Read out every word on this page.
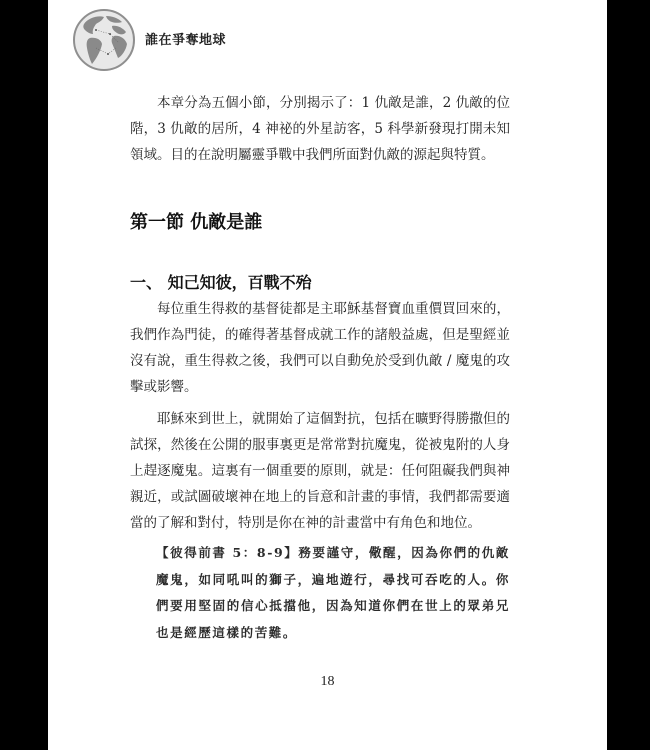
誰在爭奪地球

本章分為五個小節，分別揭示了：1 仇敵是誰，2 仇敵的位階，3 仇敵的居所，4 神祕的外星訪客，5 科學新發現打開未知領域。目的在說明屬靈爭戰中我們所面對仇敵的源起與特質。

第一節 仇敵是誰
一、 知己知彼，百戰不殆

每位重生得救的基督徒都是主耶穌基督寶血重價買回來的，我們作為門徒，的確得著基督成就工作的諸般益處，但是聖經並沒有說，重生得救之後，我們可以自動免於受到仇敵 / 魔鬼的攻擊或影響。

耶穌來到世上，就開始了這個對抗，包括在曠野得勝撒但的試探，然後在公開的服事裏更是常常對抗魔鬼，從被鬼附的人身上趕逐魔鬼。這裏有一個重要的原則，就是：任何阻礙我們與神親近，或試圖破壞神在地上的旨意和計畫的事情，我們都需要適當的了解和對付，特別是你在神的計畫當中有角色和地位。

【彼得前書 5：8-9】務要謹守，儆醒，因為你們的仇敵魔鬼，如同吼叫的獅子，遍地遊行，尋找可吞吃的人。你們要用堅固的信心抵擋他，因為知道你們在世上的眾弟兄也是經歷這樣的苦難。

18
